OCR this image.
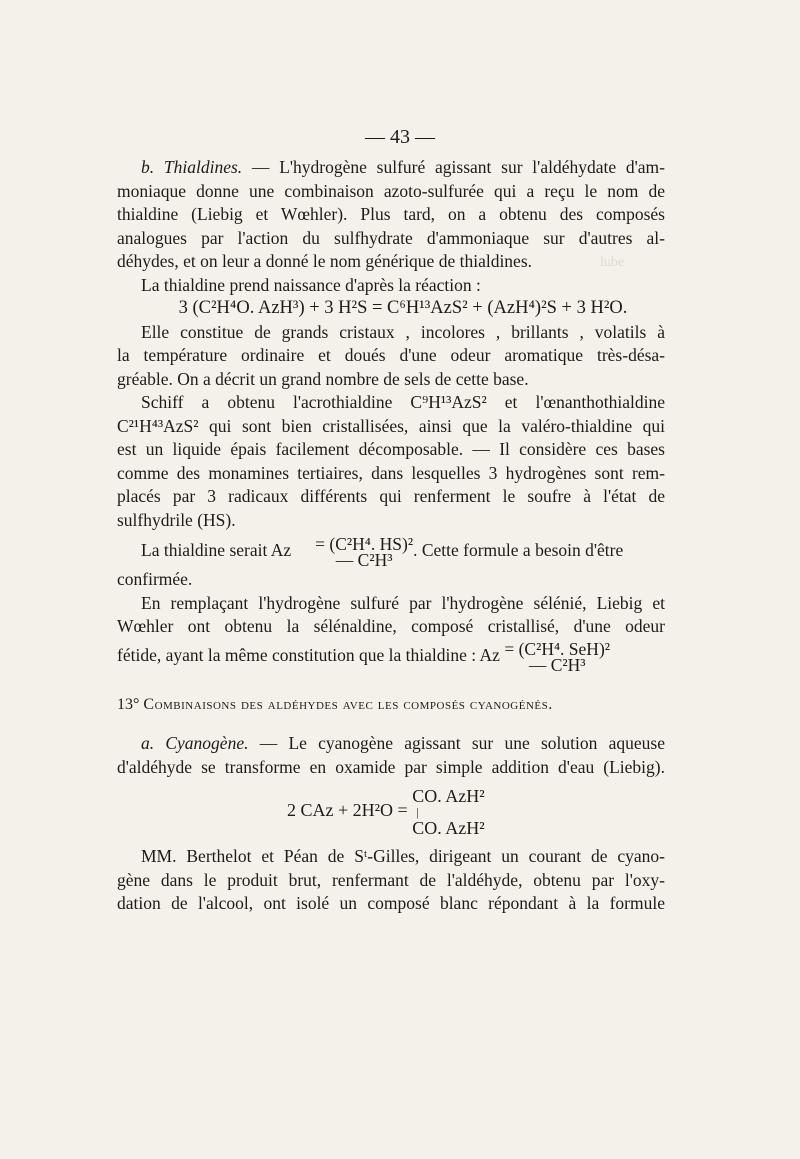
lube
— 43 —
b. Thialdines. — L'hydrogène sulfuré agissant sur l'aldéhydate d'am-
moniaque donne une combinaison azoto-sulfurée qui a reçu le nom de
thialdine (Liebig et Wœhler). Plus tard, on a obtenu des composés
analogues par l'action du sulfhydrate d'ammoniaque sur d'autres al-
déhydes, et on leur a donné le nom générique de thialdines.
La thialdine prend naissance d'après la réaction :
3 (C²H⁴O. AzH³) + 3 H²S = C⁶H¹³AzS² + (AzH⁴)²S + 3 H²O.
Elle constitue de grands cristaux , incolores , brillants , volatils à
la température ordinaire et doués d'une odeur aromatique très-désa-
gréable. On a décrit un grand nombre de sels de cette base.
Schiff a obtenu l'acrothialdine C⁹H¹³AzS² et l'œnanthothialdine
C²¹H⁴³AzS² qui sont bien cristallisées, ainsi que la valéro-thialdine qui
est un liquide épais facilement décomposable. — Il considère ces bases
comme des monamines tertiaires, dans lesquelles 3 hydrogènes sont rem-
placés par 3 radicaux différents qui renferment le soufre à l'état de
sulfhydrile (HS).
La thialdine serait Az	= (C²H⁴. HS)²
— C²H³	. Cette formule a besoin d'être
confirmée.
En remplaçant l'hydrogène sulfuré par l'hydrogène sélénié, Liebig et
Wœhler ont obtenu la sélénaldine, composé cristallisé, d'une odeur
fétide, ayant la même constitution que la thialdine : Az = (C²H⁴. SeH)²
— C²H³
13° Combinaisons des aldéhydes avec les composés cyanogénés.
a. Cyanogène. — Le cyanogène agissant sur une solution aqueuse
d'aldéhyde se transforme en oxamide par simple addition d'eau (Liebig).
2 CAz + 2H²O =
CO. AzH²
|
CO. AzH²
MM. Berthelot et Péan de Sᵗ-Gilles, dirigeant un courant de cyano-
gène dans le produit brut, renfermant de l'aldéhyde, obtenu par l'oxy-
dation de l'alcool, ont isolé un composé blanc répondant à la formule
